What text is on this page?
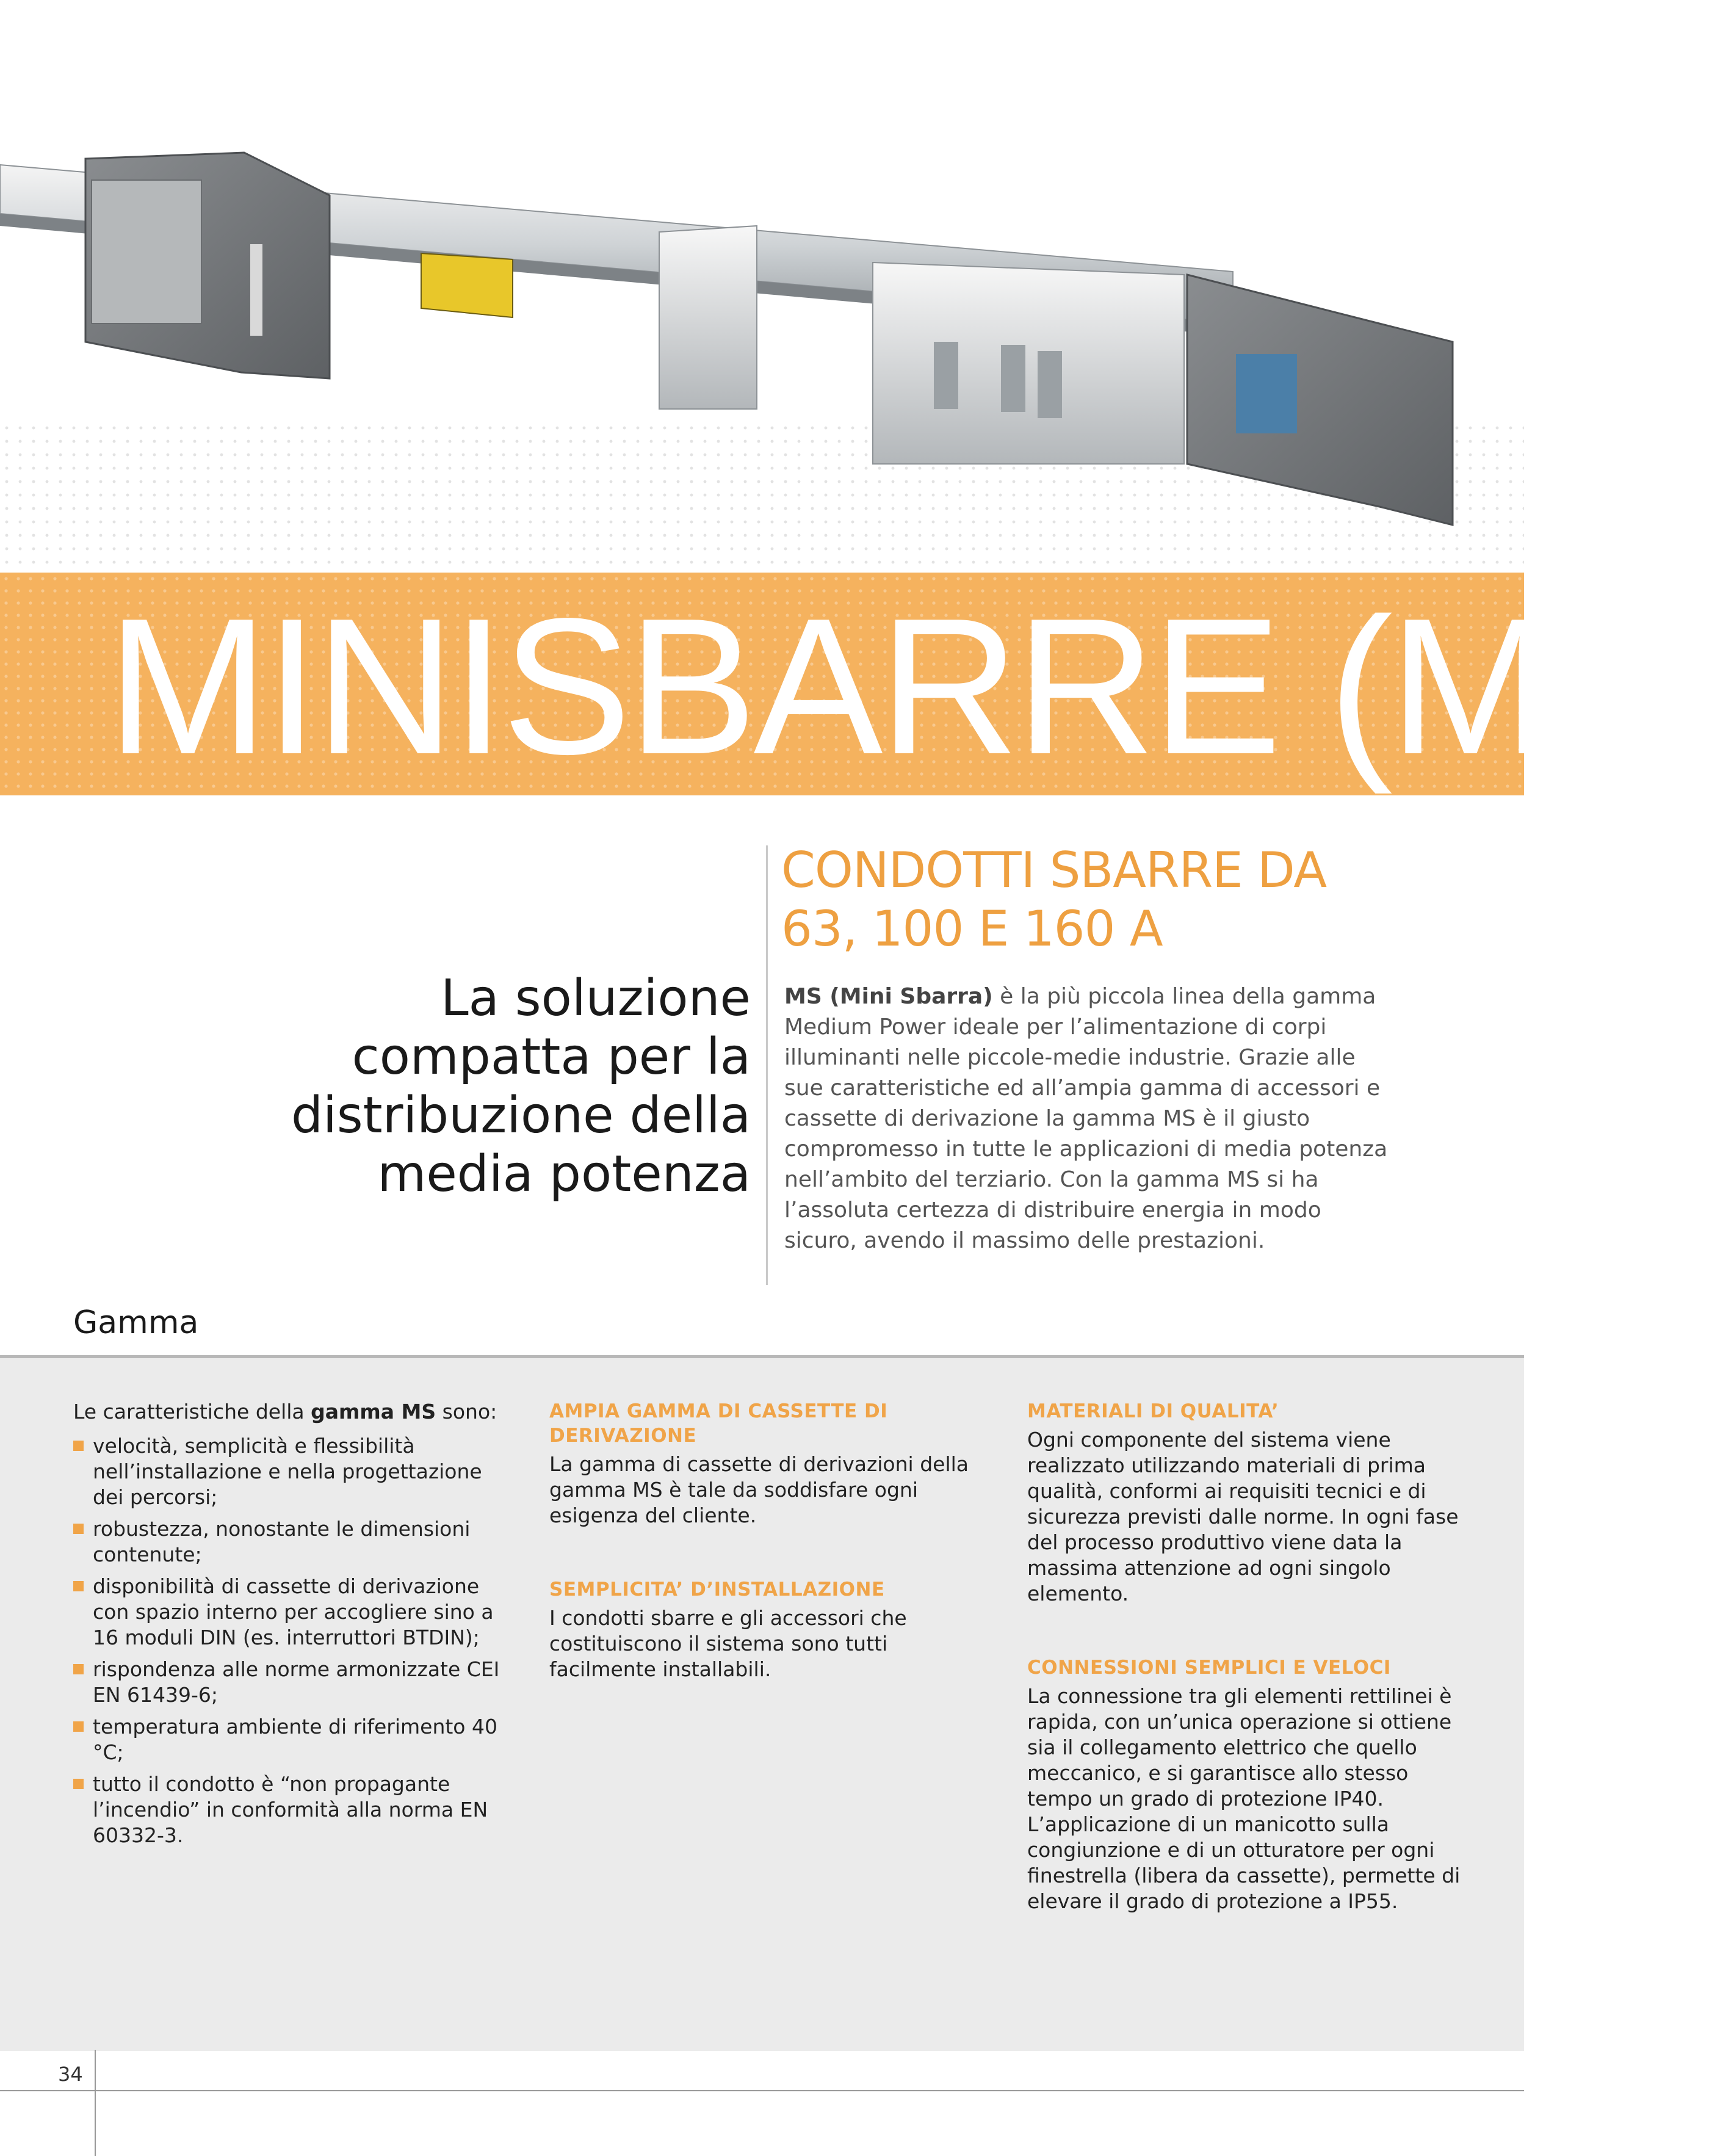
MINISBARRE (MS)
CONDOTTI SBARRE DA
63, 100 E 160 A
La soluzione
compatta per la
distribuzione della
media potenza
MS (Mini Sbarra) è la più piccola linea della gamma Medium Power ideale per l’alimentazione di corpi illuminanti nelle piccole-medie industrie. Grazie alle sue caratteristiche ed all’ampia gamma di accessori e cassette di derivazione la gamma MS è il giusto compromesso in tutte le applicazioni di media potenza nell’ambito del terziario. Con la gamma MS si ha l’assoluta certezza di distribuire energia in modo sicuro, avendo il massimo delle prestazioni.
Gamma
Le caratteristiche della gamma MS sono:
velocità, semplicità e flessibilità nell’installazione e nella progettazione dei percorsi;
robustezza, nonostante le dimensioni contenute;
disponibilità di cassette di derivazione con spazio interno per accogliere sino a 16 moduli DIN (es. interruttori BTDIN);
rispondenza alle norme armonizzate CEI EN 61439-6;
temperatura ambiente di riferimento 40 °C;
tutto il condotto è “non propagante l’incendio” in conformità alla norma EN 60332-3.
AMPIA GAMMA DI CASSETTE DI DERIVAZIONE
La gamma di cassette di derivazioni della gamma MS è tale da soddisfare ogni esigenza del cliente.
SEMPLICITA’ D’INSTALLAZIONE
I condotti sbarre e gli accessori che costituiscono il sistema sono tutti facilmente installabili.
MATERIALI DI QUALITA’
Ogni componente del sistema viene realizzato utilizzando materiali di prima qualità, conformi ai requisiti tecnici e di sicurezza previsti dalle norme. In ogni fase del processo produttivo viene data la massima attenzione ad ogni singolo elemento.
CONNESSIONI SEMPLICI E VELOCI
La connessione tra gli elementi rettilinei è rapida, con un’unica operazione si ottiene sia il collegamento elettrico che quello meccanico, e si garantisce allo stesso tempo un grado di protezione IP40. L’applicazione di un manicotto sulla congiunzione e di un otturatore per ogni finestrella (libera da cassette), permette di elevare il grado di protezione a IP55.
34
